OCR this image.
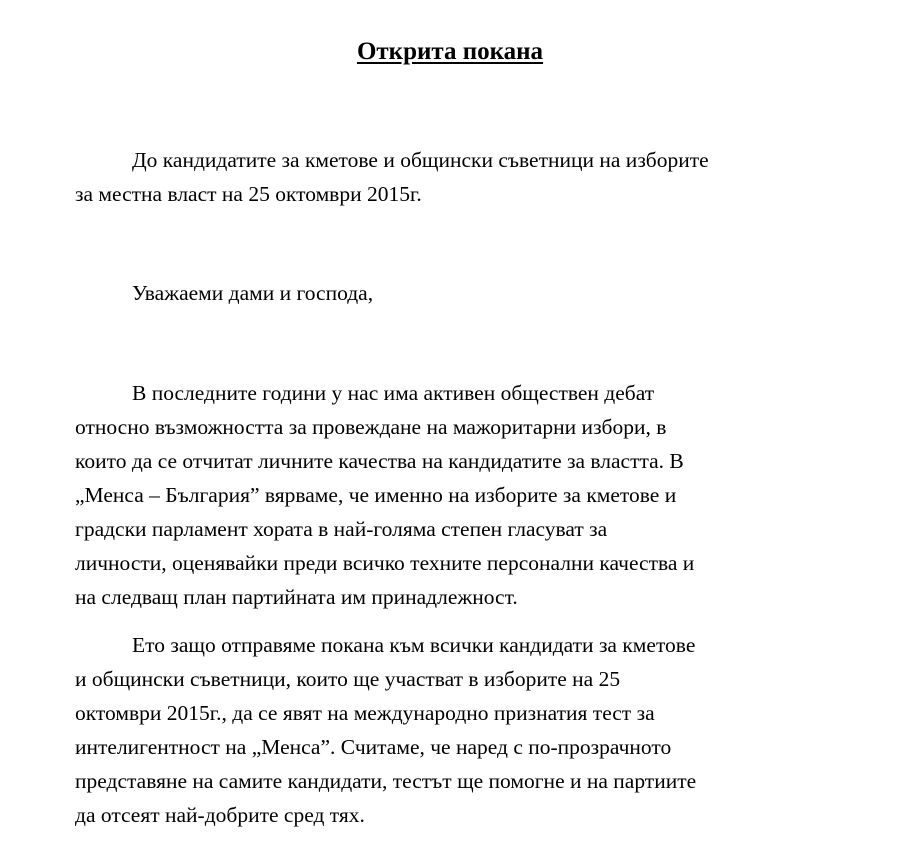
Открита покана
До кандидатите за кметове и общински съветници на изборите
за местна власт на 25 октомври 2015г.
Уважаеми дами и господа,
В последните години у нас има активен обществен дебат
относно възможността за провеждане на мажоритарни избори, в
които да се отчитат личните качества на кандидатите за властта. В
„Менса – България” вярваме, че именно на изборите за кметове и
градски парламент хората в най-голяма степен гласуват за
личности, оценявайки преди всичко техните персонални качества и
на следващ план партийната им принадлежност.
Ето защо отправяме покана към всички кандидати за кметове
и общински съветници, които ще участват в изборите на 25
октомври 2015г., да се явят на международно признатия тест за
интелигентност на „Менса”. Считаме, че наред с по-прозрачното
представяне на самите кандидати, тестът ще помогне и на партиите
да отсеят най-добрите сред тях.
